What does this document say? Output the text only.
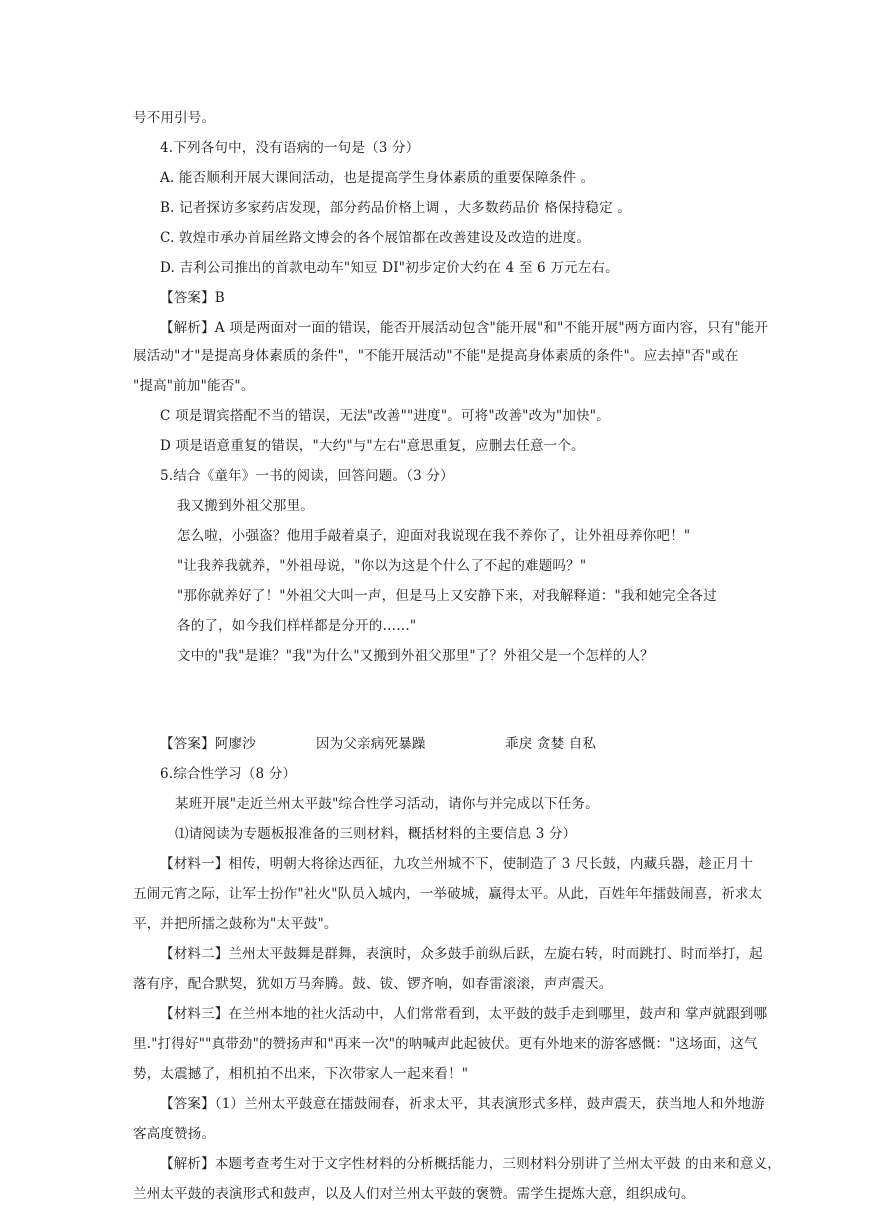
号不用引号。
4.下列各句中，没有语病的一句是（3 分）
A. 能否顺利开展大课间活动，也是提高学生身体素质的重要保障条件 。
B. 记者探访多家药店发现，部分药品价格上调 ，大多数药品价 格保持稳定 。
C. 敦煌市承办首届丝路文博会的各个展馆都在改善建设及改造的进度。
D. 吉利公司推出的首款电动车"知豆 DI"初步定价大约在 4 至 6 万元左右。
【答案】B
【解析】A 项是两面对一面的错误，能否开展活动包含"能开展"和"不能开展"两方面内容，只有"能开
展活动"才"是提高身体素质的条件"，"不能开展活动"不能"是提高身体素质的条件"。应去掉"否"或在
"提高"前加"能否"。
C 项是谓宾搭配不当的错误，无法"改善""进度"。可将"改善"改为"加快"。
D 项是语意重复的错误，"大约"与"左右"意思重复，应删去任意一个。
5.结合《童年》一书的阅读，回答问题。（3 分）
我又搬到外祖父那里。
怎么啦，小强盗？他用手敲着桌子，迎面对我说现在我不养你了，让外祖母养你吧！"
"让我养我就养，"外祖母说，"你以为这是个什么了不起的难题吗？"
"那你就养好了！"外祖父大叫一声，但是马上又安静下来，对我解释道："我和她完全各过
各的了，如今我们样样都是分开的……"
文中的"我"是谁？"我"为什么"又搬到外祖父那里"了？外祖父是一个怎样的人？
【答案】阿廖沙	因为父亲病死暴躁	乖戾 贪婪 自私
6.综合性学习（8 分）
某班开展"走近兰州太平鼓"综合性学习活动，请你与并完成以下任务。
⑴请阅读为专题板报准备的三则材料，概括材料的主要信息 3 分）
【材料一】相传，明朝大将徐达西征，九攻兰州城不下，使制造了 3 尺长鼓，内藏兵器，趁正月十
五闹元宵之际，让军士扮作"社火"队员入城内，一举破城，赢得太平。从此，百姓年年擂鼓闹喜，祈求太
平，并把所擂之鼓称为"太平鼓"。
【材料二】兰州太平鼓舞是群舞，表演时，众多鼓手前纵后跃，左旋右转，时而跳打、时而举打，起
落有序，配合默契，犹如万马奔腾。鼓、钹、锣齐响，如春雷滚滚，声声震天。
【材料三】在兰州本地的社火活动中，人们常常看到，太平鼓的鼓手走到哪里，鼓声和 掌声就跟到哪
里."打得好""真带劲"的赞扬声和"再来一次"的呐喊声此起彼伏。更有外地来的游客感慨："这场面，这气
势，太震撼了，相机拍不出来，下次带家人一起来看！"
【答案】（1）兰州太平鼓意在擂鼓闹春，祈求太平，其表演形式多样，鼓声震天，获当地人和外地游
客高度赞扬。
【解析】本题考查考生对于文字性材料的分析概括能力，三则材料分别讲了兰州太平鼓 的由来和意义，
兰州太平鼓的表演形式和鼓声，以及人们对兰州太平鼓的褒赞。需学生提炼大意，组织成句。
